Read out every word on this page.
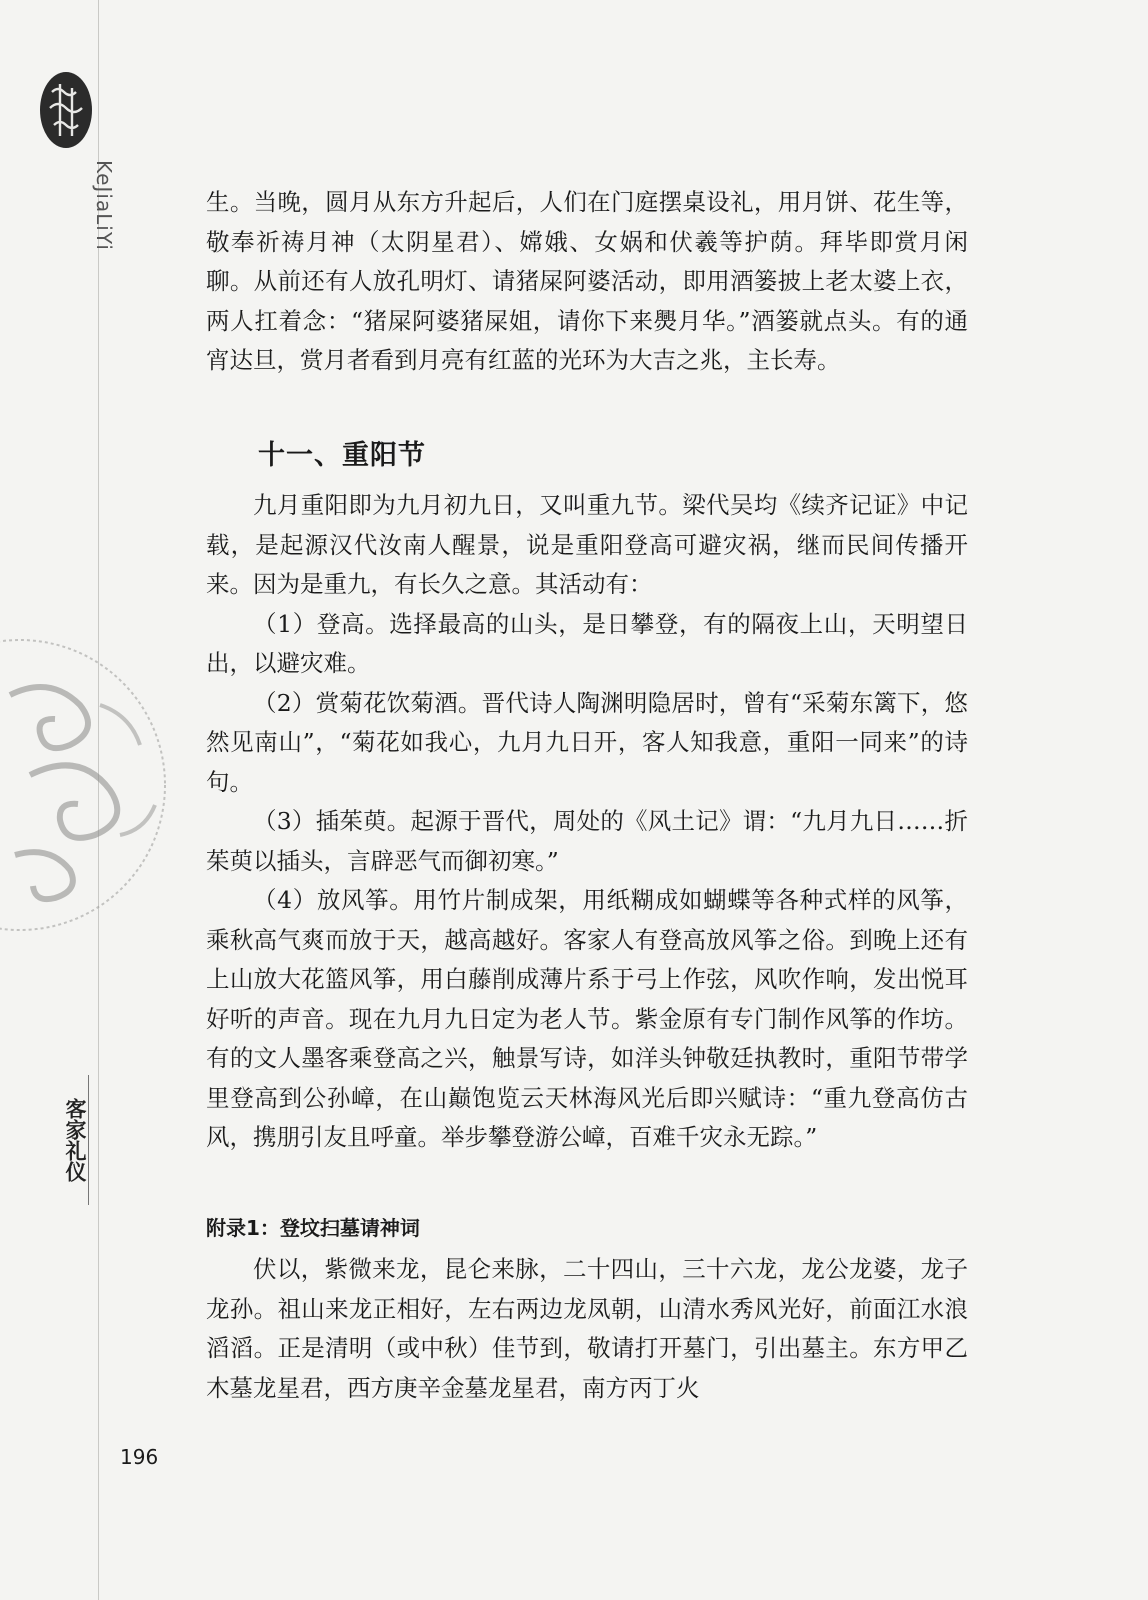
KeJiaLiYi	生。当晚，圆月从东方升起后，人们在门庭摆桌设礼，用月饼、花生等，敬奉祈祷月神（太阴星君）、嫦娥、女娲和伏羲等护荫。拜毕即赏月闲聊。从前还有人放孔明灯、请猪屎阿婆活动，即用酒篓披上老太婆上衣，两人扛着念：“猪屎阿婆猪屎姐，请你下来爂月华。”酒篓就点头。有的通宵达旦，赏月者看到月亮有红蓝的光环为大吉之兆，主长寿。

十一、重阳节

九月重阳即为九月初九日，又叫重九节。梁代吴均《续齐记证》中记载，是起源汉代汝南人醒景，说是重阳登高可避灾祸，继而民间传播开来。因为是重九，有长久之意。其活动有：

（1）登高。选择最高的山头，是日攀登，有的隔夜上山，天明望日出，以避灾难。

（2）赏菊花饮菊酒。晋代诗人陶渊明隐居时，曾有“采菊东篱下，悠然见南山”，“菊花如我心，九月九日开，客人知我意，重阳一同来”的诗句。

（3）插茱萸。起源于晋代，周处的《风土记》谓：“九月九日……折茱萸以插头，言辟恶气而御初寒。”

（4）放风筝。用竹片制成架，用纸糊成如蝴蝶等各种式样的风筝，乘秋高气爽而放于天，越高越好。客家人有登高放风筝之俗。到晚上还有上山放大花篮风筝，用白藤削成薄片系于弓上作弦，风吹作响，发出悦耳好听的声音。现在九月九日定为老人节。紫金原有专门制作风筝的作坊。有的文人墨客乘登高之兴，触景写诗，如洋头钟敬廷执教时，重阳节带学里登高到公孙嶂，在山巅饱览云天林海风光后即兴赋诗：“重九登高仿古风，携朋引友且呼童。举步攀登游公嶂，百难千灾永无踪。”

附录1：登坟扫墓请神词

伏以，紫微来龙，昆仑来脉，二十四山，三十六龙，龙公龙婆，龙子龙孙。祖山来龙正相好，左右两边龙凤朝，山清水秀风光好，前面江水浪滔滔。正是清明（或中秋）佳节到，敬请打开墓门，引出墓主。东方甲乙木墓龙星君，西方庚辛金墓龙星君，南方丙丁火

客家礼仪
196
